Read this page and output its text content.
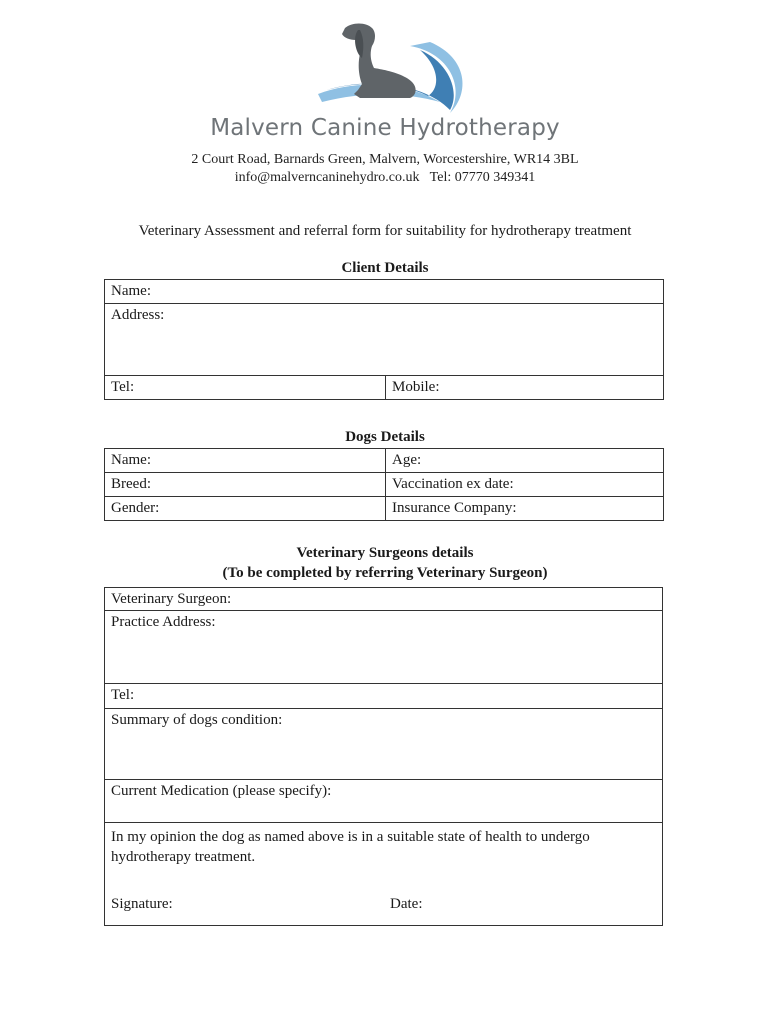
Malvern Canine Hydrotherapy
2 Court Road, Barnards Green, Malvern, Worcestershire, WR14 3BL
info@malverncaninehydro.co.uk   Tel: 07770 349341
Veterinary Assessment and referral form for suitability for hydrotherapy treatment
Client Details
Name:
Address:
Tel:	Mobile:
Dogs Details
Name:	Age:
Breed:	Vaccination ex date:
Gender:	Insurance Company:
Veterinary Surgeons details
(To be completed by referring Veterinary Surgeon)
Veterinary Surgeon:
Practice Address:
Tel:
Summary of dogs condition:
Current Medication (please specify):

In my opinion the dog as named above is in a suitable state of health to undergo hydrotherapy treatment.
Signature:	Date:
